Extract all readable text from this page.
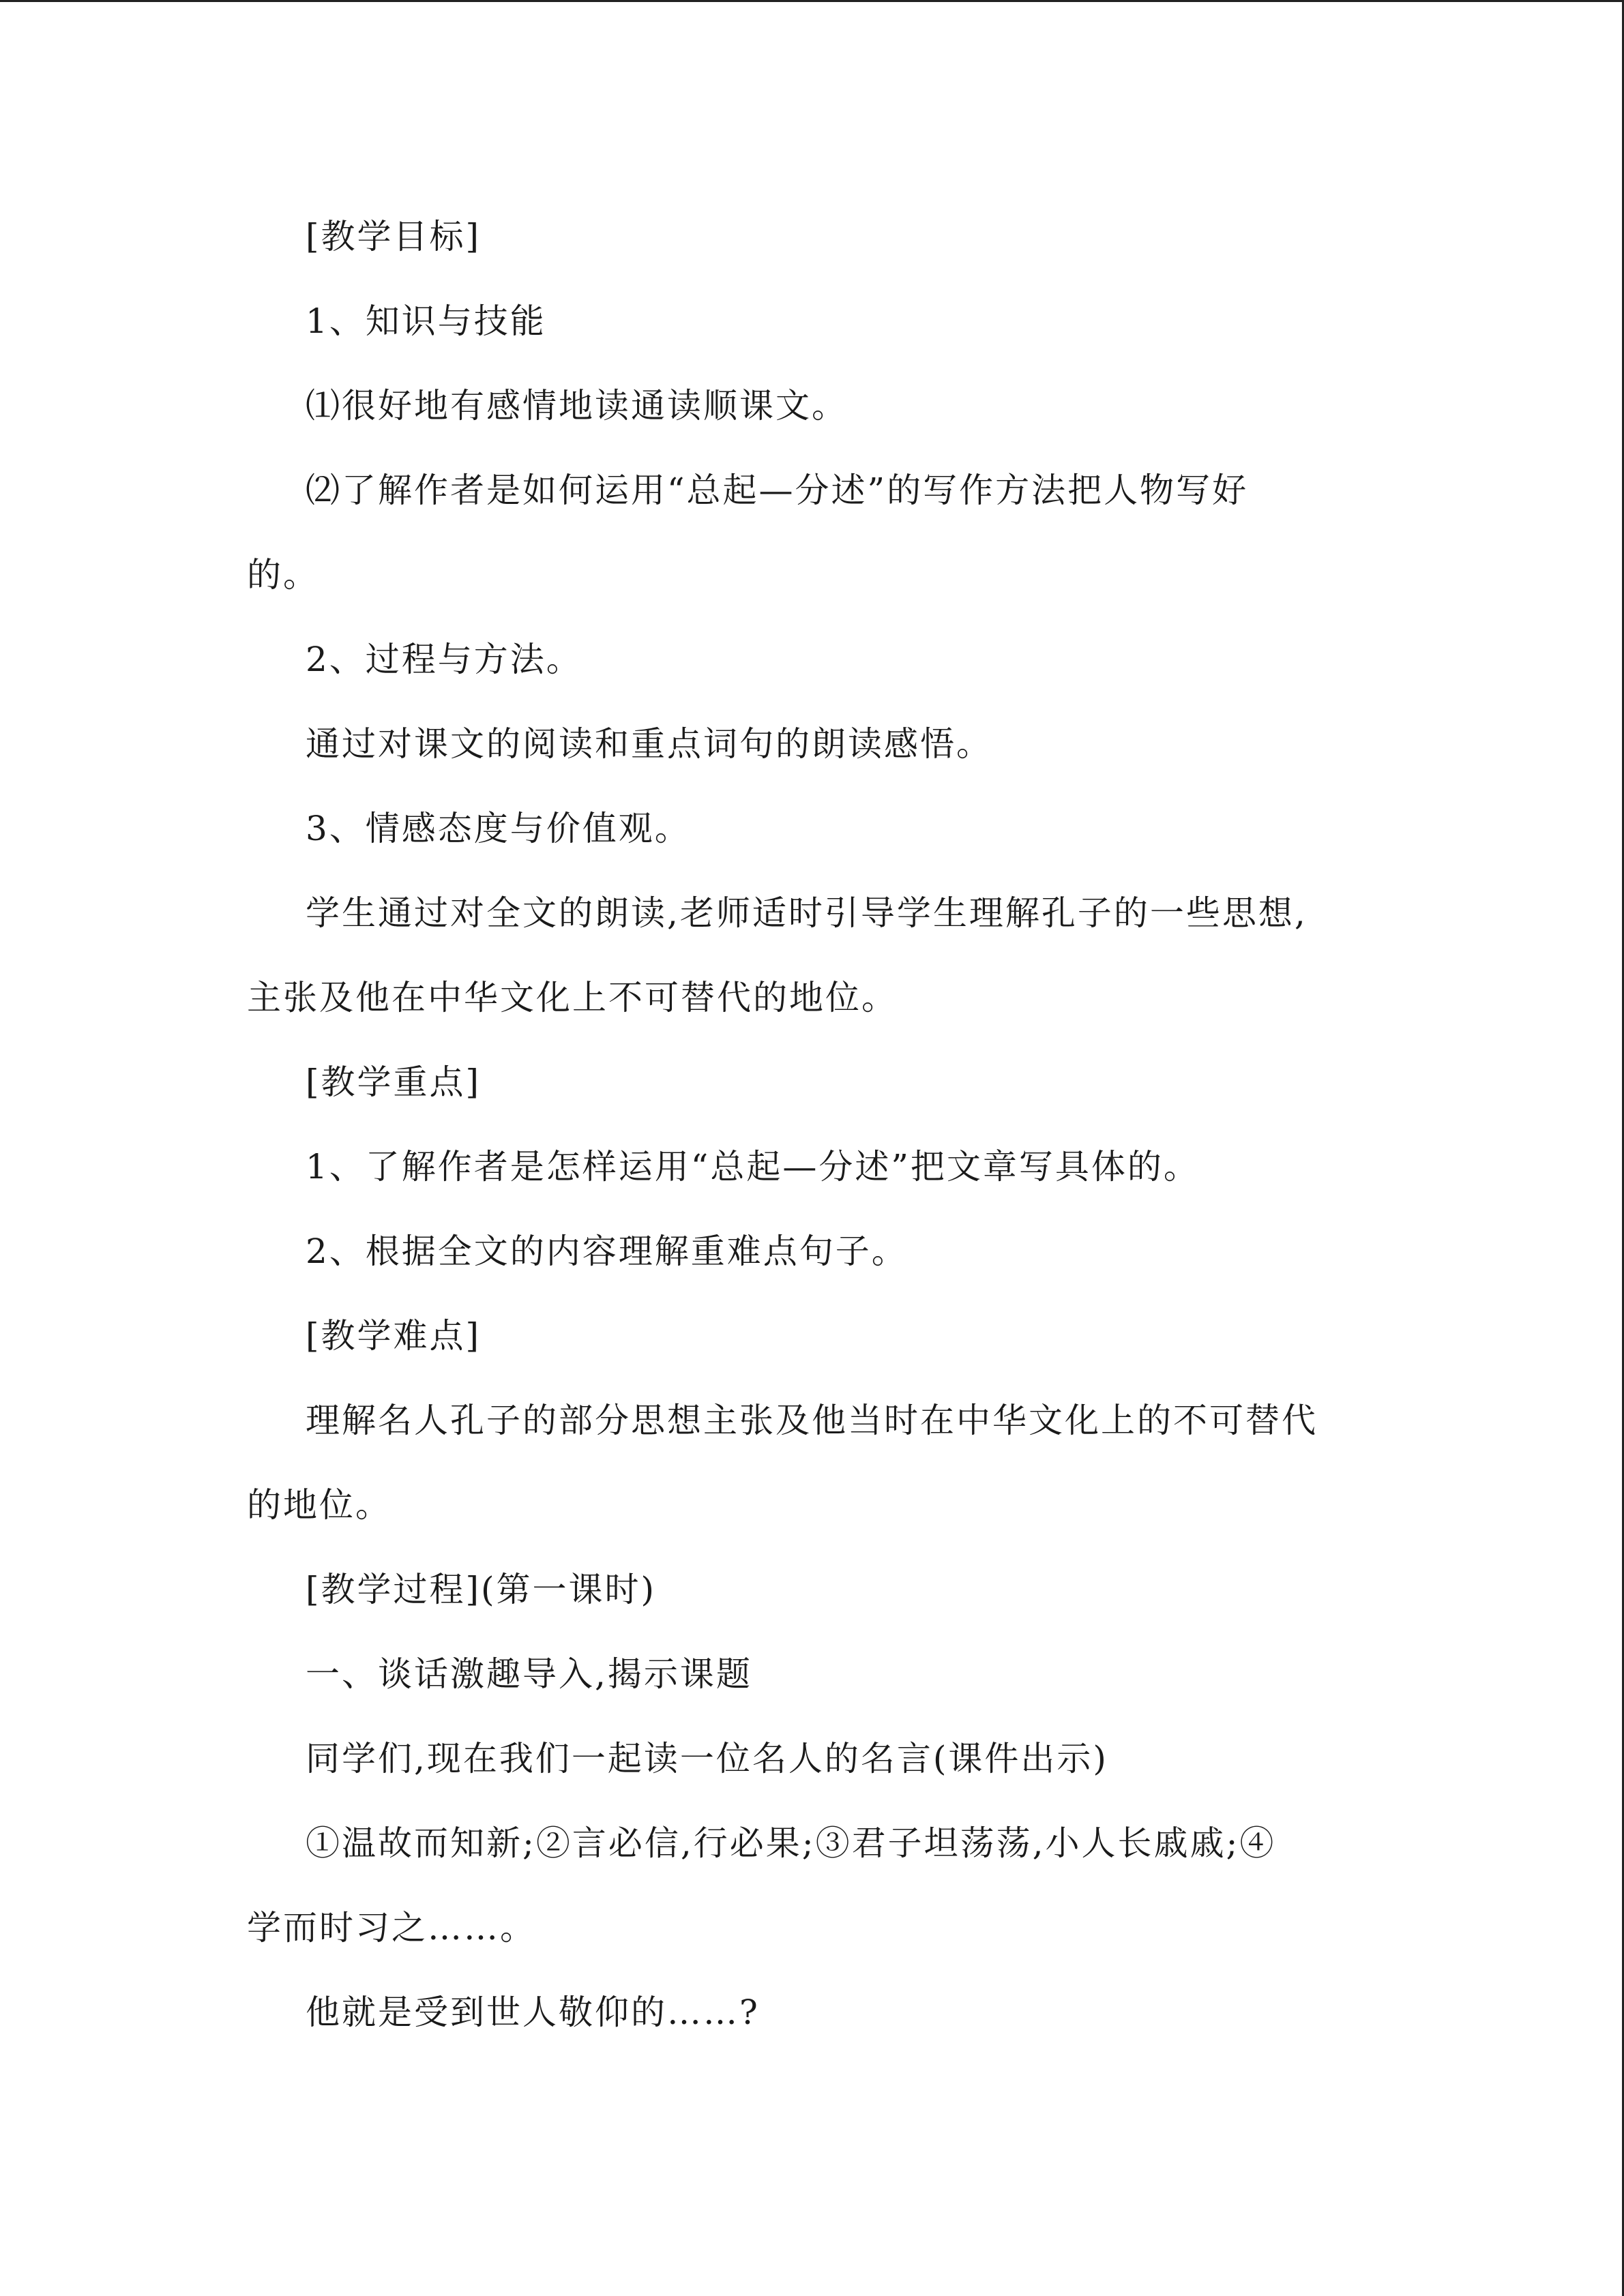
[教学目标]
1、知识与技能
⑴很好地有感情地读通读顺课文。
⑵了解作者是如何运用“总起—分述”的写作方法把人物写好
的。
2、过程与方法。
通过对课文的阅读和重点词句的朗读感悟。
3、情感态度与价值观。
学生通过对全文的朗读,老师适时引导学生理解孔子的一些思想,
主张及他在中华文化上不可替代的地位。
[教学重点]
1、了解作者是怎样运用“总起—分述”把文章写具体的。
2、根据全文的内容理解重难点句子。
[教学难点]
理解名人孔子的部分思想主张及他当时在中华文化上的不可替代
的地位。
[教学过程](第一课时)
一、谈话激趣导入,揭示课题
同学们,现在我们一起读一位名人的名言(课件出示)
①温故而知新;②言必信,行必果;③君子坦荡荡,小人长戚戚;④
学而时习之……。
他就是受到世人敬仰的……?
